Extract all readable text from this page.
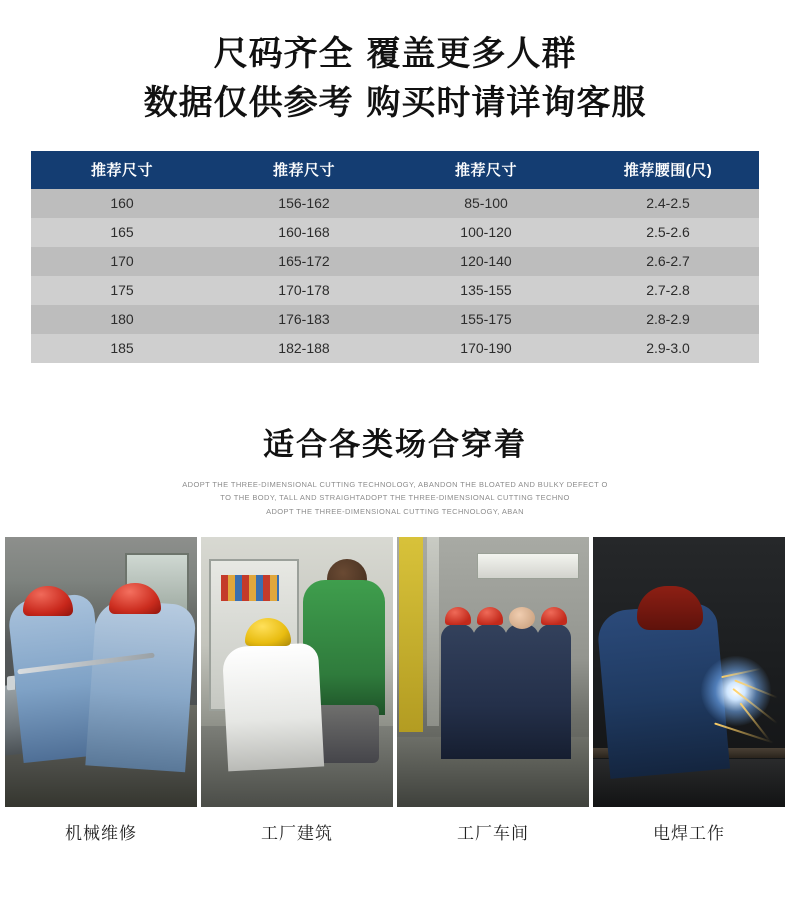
尺码齐全 覆盖更多人群
数据仅供参考 购买时请详询客服
推荐尺寸	推荐尺寸	推荐尺寸	推荐腰围(尺)
160	156-162	85-100	2.4-2.5
165	160-168	100-120	2.5-2.6
170	165-172	120-140	2.6-2.7
175	170-178	135-155	2.7-2.8
180	176-183	155-175	2.8-2.9
185	182-188	170-190	2.9-3.0
适合各类场合穿着
ADOPT THE THREE-DIMENSIONAL CUTTING TECHNOLOGY, ABANDON THE BLOATED AND BULKY DEFECT O
TO THE BODY, TALL AND STRAIGHTADOPT THE THREE-DIMENSIONAL CUTTING TECHNO
ADOPT THE THREE-DIMENSIONAL CUTTING TECHNOLOGY, ABAN
机械维修	工厂建筑	工厂车间	电焊工作
